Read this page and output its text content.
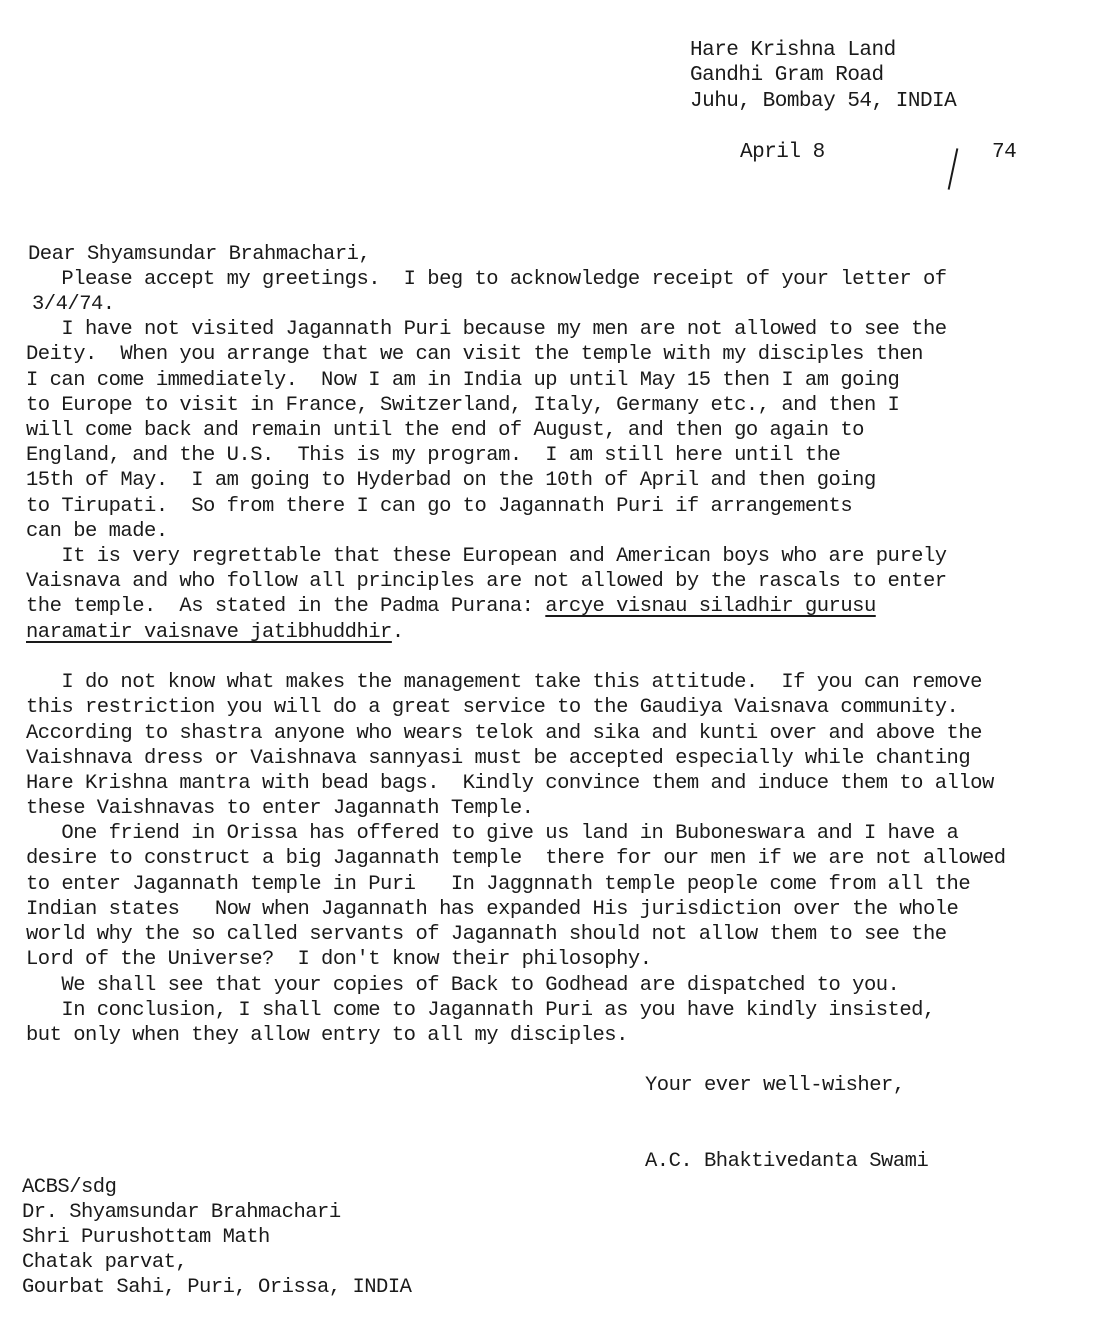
Hare Krishna Land
Gandhi Gram Road
Juhu, Bombay 54, INDIA
April 8	74
Dear Shyamsundar Brahmachari,
Please accept my greetings.  I beg to acknowledge receipt of your letter of
3/4/74.
I have not visited Jagannath Puri because my men are not allowed to see the
Deity.  When you arrange that we can visit the temple with my disciples then
I can come immediately.  Now I am in India up until May 15 then I am going
to Europe to visit in France, Switzerland, Italy, Germany etc., and then I
will come back and remain until the end of August, and then go again to
England, and the U.S.  This is my program.  I am still here until the
15th of May.  I am going to Hyderbad on the 10th of April and then going
to Tirupati.  So from there I can go to Jagannath Puri if arrangements
can be made.
It is very regrettable that these European and American boys who are purely
Vaisnava and who follow all principles are not allowed by the rascals to enter
the temple.  As stated in the Padma Purana: arcye visnau siladhir gurusu
naramatir vaisnave jatibhuddhir.
I do not know what makes the management take this attitude.  If you can remove
this restriction you will do a great service to the Gaudiya Vaisnava community.
According to shastra anyone who wears telok and sika and kunti over and above the
Vaishnava dress or Vaishnava sannyasi must be accepted especially while chanting
Hare Krishna mantra with bead bags.  Kindly convince them and induce them to allow
these Vaishnavas to enter Jagannath Temple.
One friend in Orissa has offered to give us land in Buboneswara and I have a
desire to construct a big Jagannath temple  there for our men if we are not allowed
to enter Jagannath temple in Puri   In Jaggnnath temple people come from all the
Indian states   Now when Jagannath has expanded His jurisdiction over the whole
world why the so called servants of Jagannath should not allow them to see the
Lord of the Universe?  I don't know their philosophy.
We shall see that your copies of Back to Godhead are dispatched to you.
In conclusion, I shall come to Jagannath Puri as you have kindly insisted,
but only when they allow entry to all my disciples.
Your ever well-wisher,
A.C. Bhaktivedanta Swami
ACBS/sdg
Dr. Shyamsundar Brahmachari
Shri Purushottam Math
Chatak parvat,
Gourbat Sahi, Puri, Orissa, INDIA
